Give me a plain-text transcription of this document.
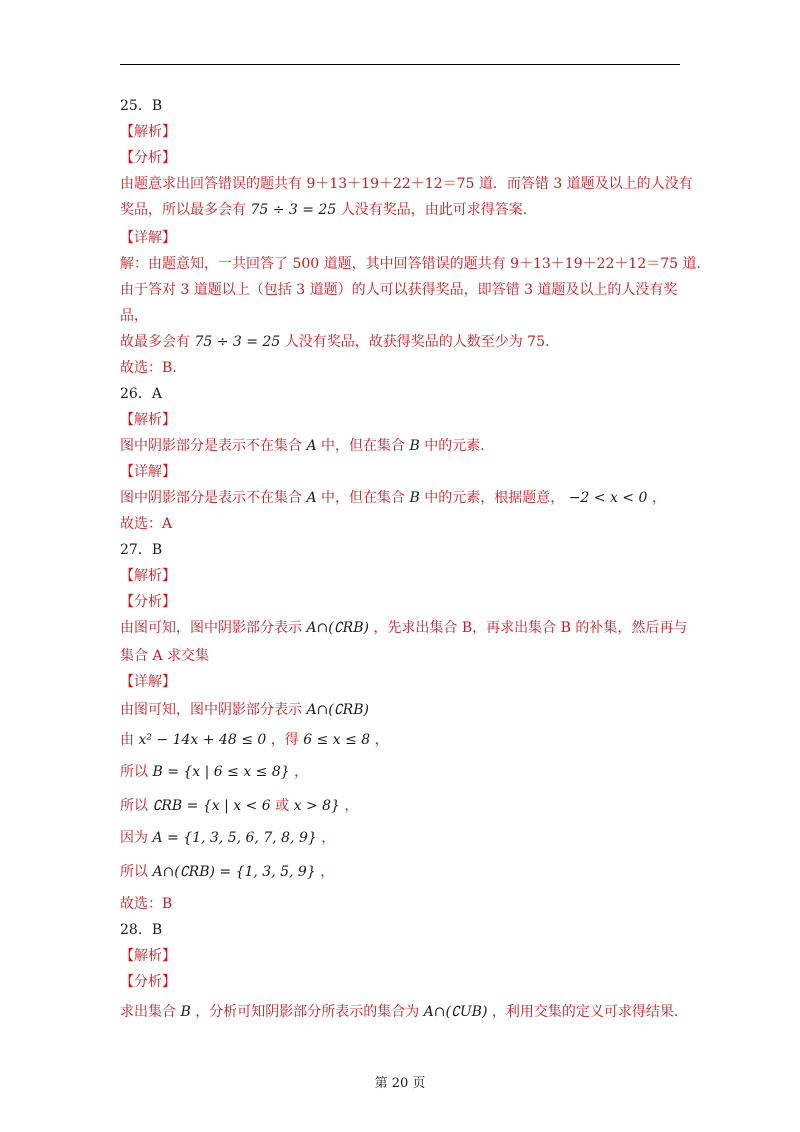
25．B
【解析】
【分析】
由题意求出回答错误的题共有 9＋13＋19＋22＋12＝75 道．而答错 3 道题及以上的人没有
奖品，所以最多会有 75 ÷ 3 = 25 人没有奖品，由此可求得答案.
【详解】
解：由题意知，一共回答了 500 道题，其中回答错误的题共有 9＋13＋19＋22＋12＝75 道.
由于答对 3 道题以上（包括 3 道题）的人可以获得奖品，即答错 3 道题及以上的人没有奖
品，
故最多会有 75 ÷ 3 = 25 人没有奖品，故获得奖品的人数至少为 75.
故选：B.
26．A
【解析】
图中阴影部分是表示不在集合 A 中，但在集合 B 中的元素.
【详解】
图中阴影部分是表示不在集合 A 中，但在集合 B 中的元素，根据题意， −2 < x < 0 ，
故选：A
27．B
【解析】
【分析】
由图可知，图中阴影部分表示 A∩(∁RB) ，先求出集合 B，再求出集合 B 的补集，然后再与
集合 A 求交集
【详解】
由图可知，图中阴影部分表示 A∩(∁RB)
由 x² − 14x + 48 ≤ 0 ，得 6 ≤ x ≤ 8 ，
所以 B = {x | 6 ≤ x ≤ 8} ，
所以 ∁RB = {x | x < 6 或 x > 8} ，
因为 A = {1, 3, 5, 6, 7, 8, 9} ，
所以 A∩(∁RB) = {1, 3, 5, 9} ，
故选：B
28．B
【解析】
【分析】
求出集合 B ，分析可知阴影部分所表示的集合为 A∩(∁UB) ，利用交集的定义可求得结果.
第 20 页
